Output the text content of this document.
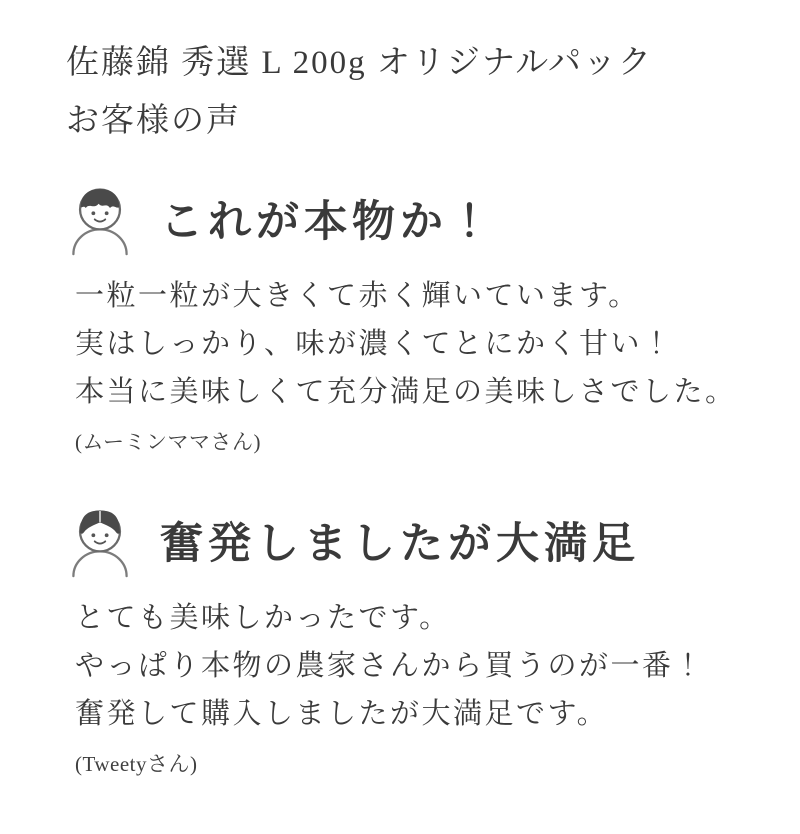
佐藤錦 秀選 L 200g オリジナルパック
お客様の声
これが本物か！

一粒一粒が大きくて赤く輝いています。

実はしっかり、味が濃くてとにかく甘い！

本当に美味しくて充分満足の美味しさでした。

(ムーミンママさん)

奮発しましたが大満足

とても美味しかったです。

やっぱり本物の農家さんから買うのが一番！

奮発して購入しましたが大満足です。

(Tweetyさん)
